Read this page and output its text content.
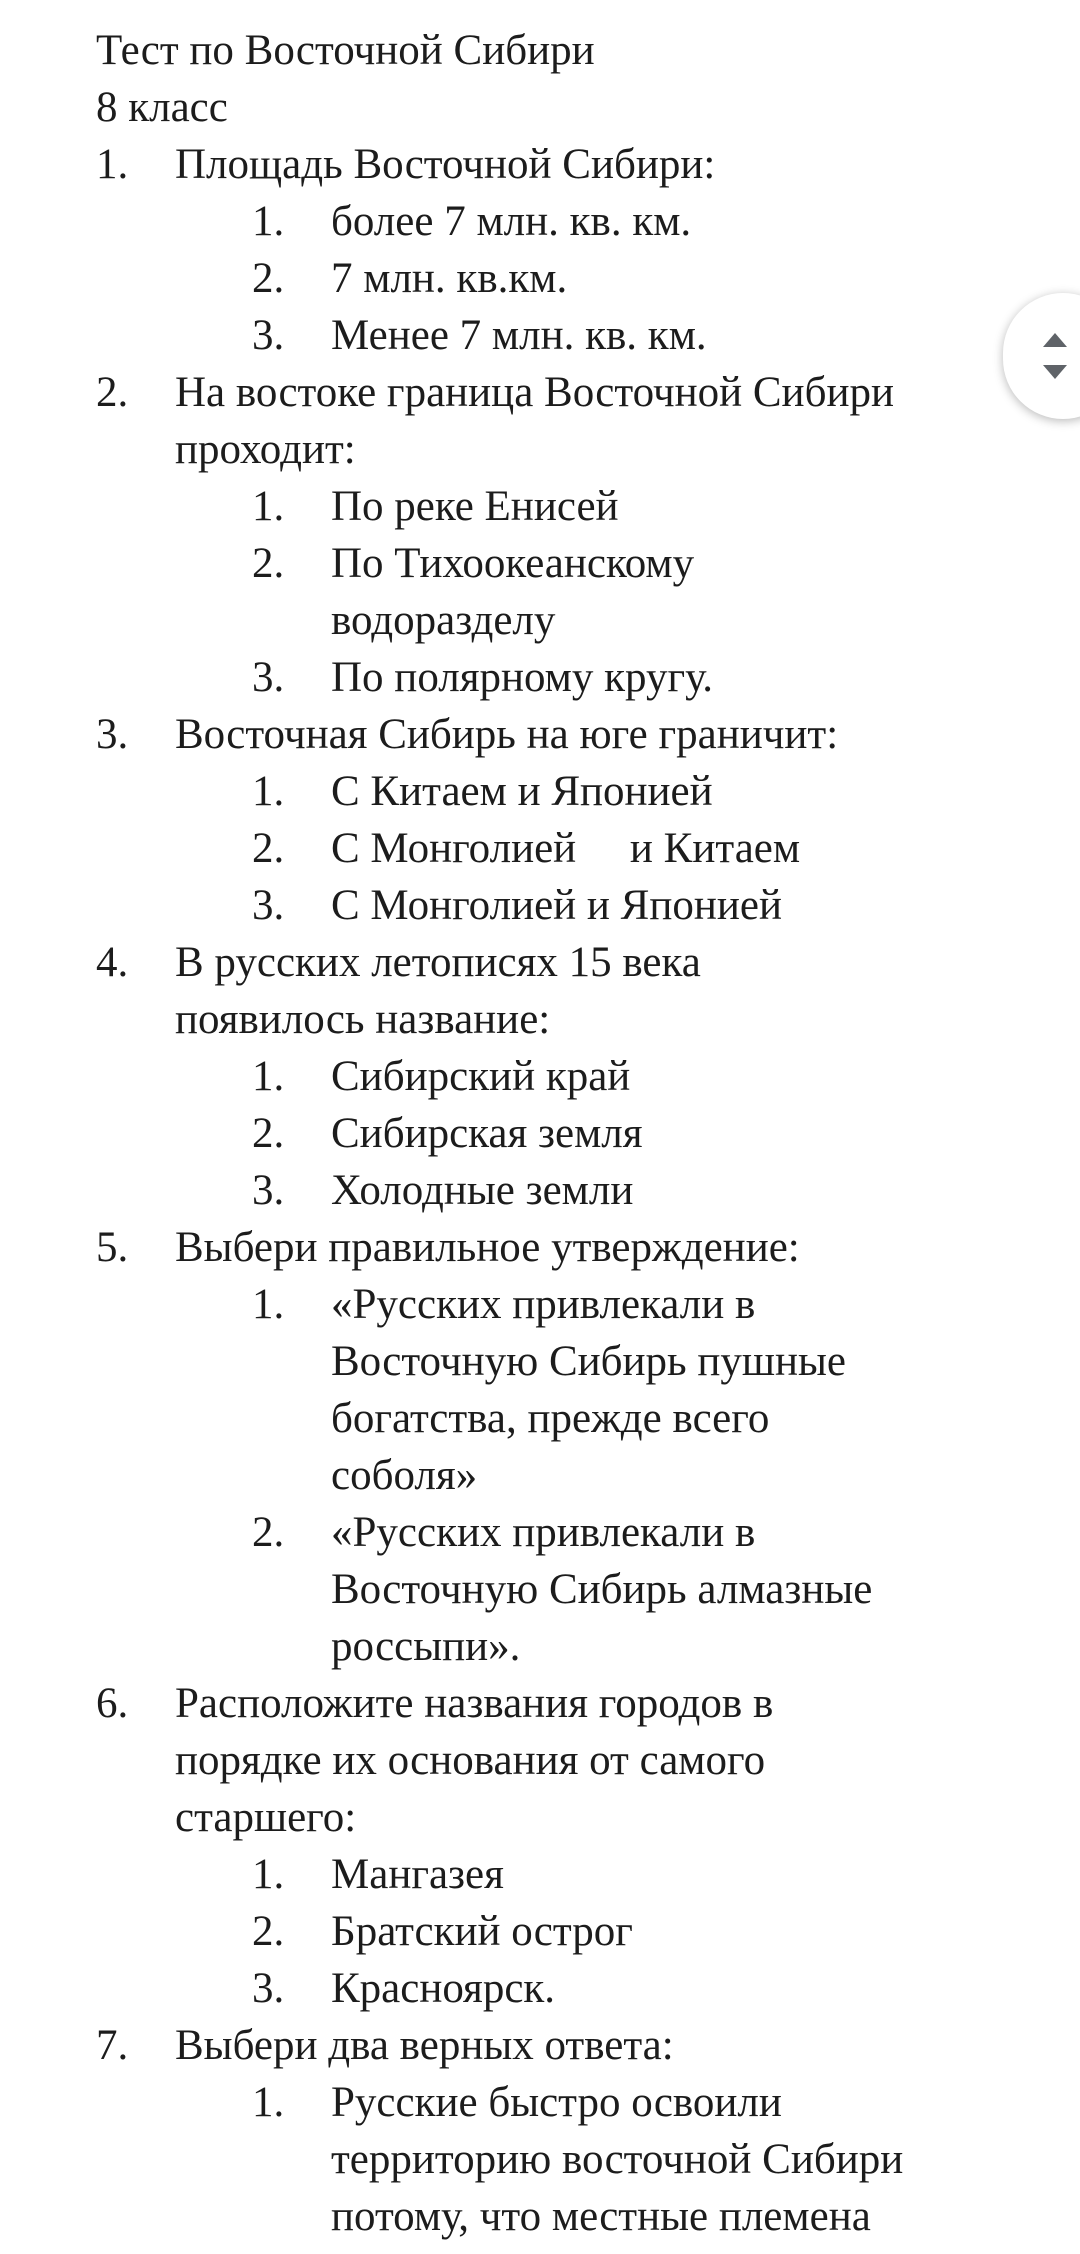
Тест по Восточной Сибири
8 класс
1. Площадь Восточной Сибири:
1. более 7 млн. кв. км.
2. 7 млн. кв.км.
3. Менее 7 млн. кв. км.
2. На востоке граница Восточной Сибири
проходит:
1. По реке Енисей
2. По Тихоокеанскому
водоразделу
3. По полярному кругу.
3. Восточная Сибирь на юге граничит:
1. С Китаем и Японией
2. С Монголией     и Китаем
3. С Монголией и Японией
4. В русских летописях 15 века
появилось название:
1. Сибирский край
2. Сибирская земля
3. Холодные земли
5. Выбери правильное утверждение:
1. «Русских привлекали в
Восточную Сибирь пушные
богатства, прежде всего
соболя»
2. «Русских привлекали в
Восточную Сибирь алмазные
россыпи».
6. Расположите названия городов в
порядке их основания от самого
старшего:
1. Мангазея
2. Братский острог
3. Красноярск.
7. Выбери два верных ответа:
1. Русские быстро освоили
территорию восточной Сибири
потому, что местные племена
